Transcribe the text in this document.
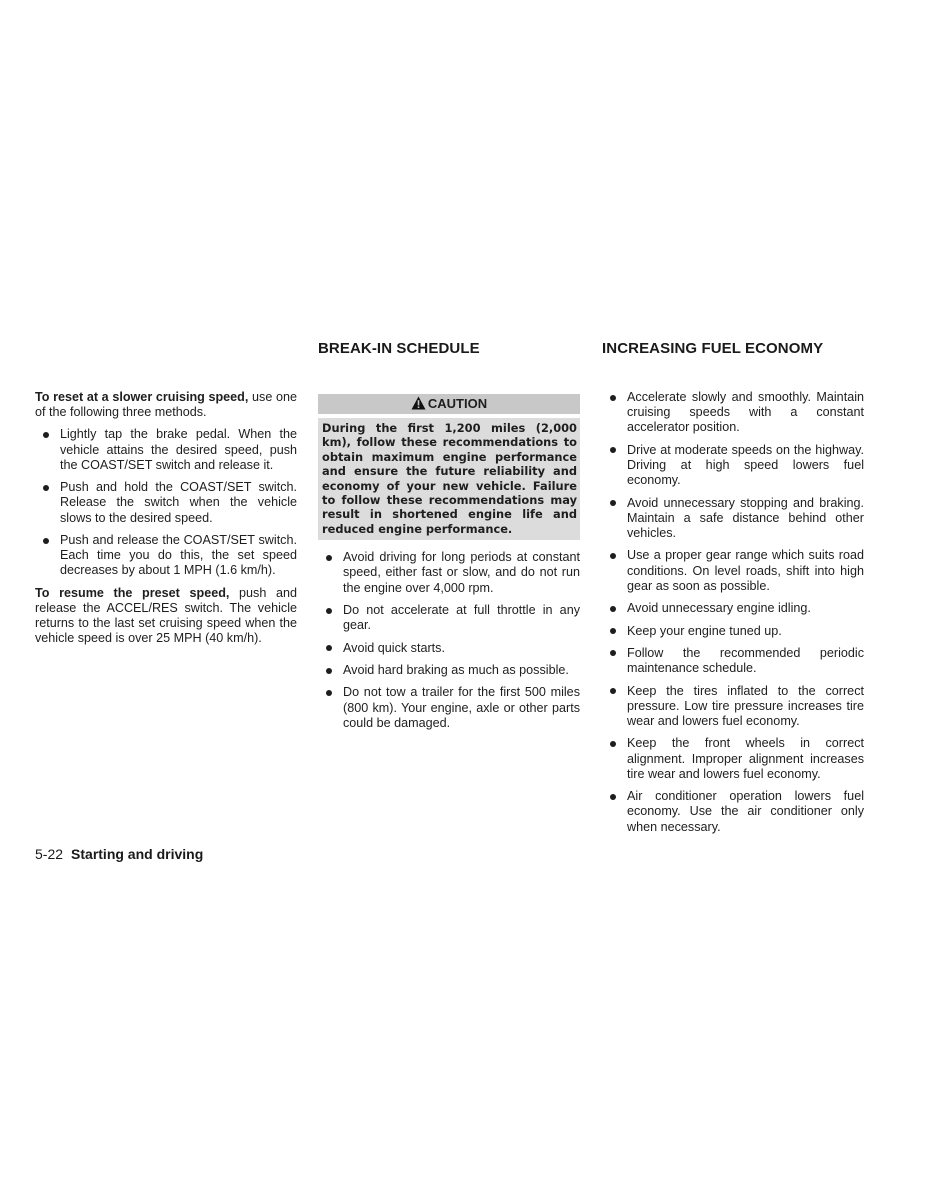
BREAK-IN SCHEDULE	INCREASING FUEL ECONOMY

To reset at a slower cruising speed, use one of the following three methods.

Lightly tap the brake pedal. When the vehicle attains the desired speed, push the COAST/SET switch and release it.
Push and hold the COAST/SET switch. Release the switch when the vehicle slows to the desired speed.
Push and release the COAST/SET switch. Each time you do this, the set speed decreases by about 1 MPH (1.6 km/h).

To resume the preset speed, push and release the ACCEL/RES switch. The vehicle returns to the last set cruising speed when the vehicle speed is over 25 MPH (40 km/h).

CAUTION
During the first 1,200 miles (2,000 km), follow these recommendations to obtain maximum engine performance and ensure the future reliability and economy of your new vehicle. Failure to follow these recommendations may result in shortened engine life and reduced engine performance.
Avoid driving for long periods at constant speed, either fast or slow, and do not run the engine over 4,000 rpm.
Do not accelerate at full throttle in any gear.
Avoid quick starts.
Avoid hard braking as much as possible.
Do not tow a trailer for the first 500 miles (800 km). Your engine, axle or other parts could be damaged.
Accelerate slowly and smoothly. Maintain cruising speeds with a constant accelerator position.
Drive at moderate speeds on the highway. Driving at high speed lowers fuel economy.
Avoid unnecessary stopping and braking. Maintain a safe distance behind other vehicles.
Use a proper gear range which suits road conditions. On level roads, shift into high gear as soon as possible.
Avoid unnecessary engine idling.
Keep your engine tuned up.
Follow the recommended periodic maintenance schedule.
Keep the tires inflated to the correct pressure. Low tire pressure increases tire wear and lowers fuel economy.
Keep the front wheels in correct alignment. Improper alignment increases tire wear and lowers fuel economy.
Air conditioner operation lowers fuel economy. Use the air conditioner only when necessary.
5-22 Starting and driving
